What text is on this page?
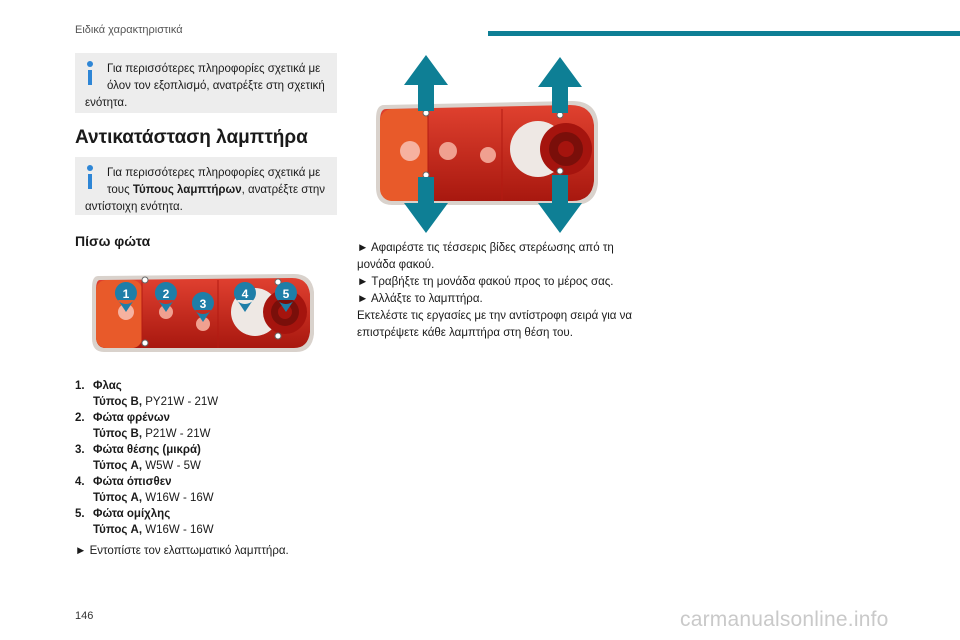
Ειδικά χαρακτηριστικά
Για περισσότερες πληροφορίες σχετικά με
όλον τον εξοπλισμό, ανατρέξτε στη σχετική
ενότητα.
Αντικατάσταση λαμπτήρα
Για περισσότερες πληροφορίες σχετικά με
τους Τύπους λαμπτήρων, ανατρέξτε στην
αντίστοιχη ενότητα.
Πίσω φώτα
1	2
3
4	5
1. Φλας
Τύπος B, PY21W - 21W
2. Φώτα φρένων
Τύπος B, P21W - 21W
3. Φώτα θέσης (μικρά)
Τύπος A, W5W - 5W
4. Φώτα όπισθεν
Τύπος A, W16W - 16W
5. Φώτα ομίχλης
Τύπος A, W16W - 16W
► Εντοπίστε τον ελαττωματικό λαμπτήρα.

► Αφαιρέστε τις τέσσερις βίδες στερέωσης από τη μονάδα φακού.

► Τραβήξτε τη μονάδα φακού προς το μέρος σας.

► Αλλάξτε το λαμπτήρα.

Εκτελέστε τις εργασίες με την αντίστροφη σειρά για να επιστρέψετε κάθε λαμπτήρα στη θέση του.

146	carmanualsonline.info
